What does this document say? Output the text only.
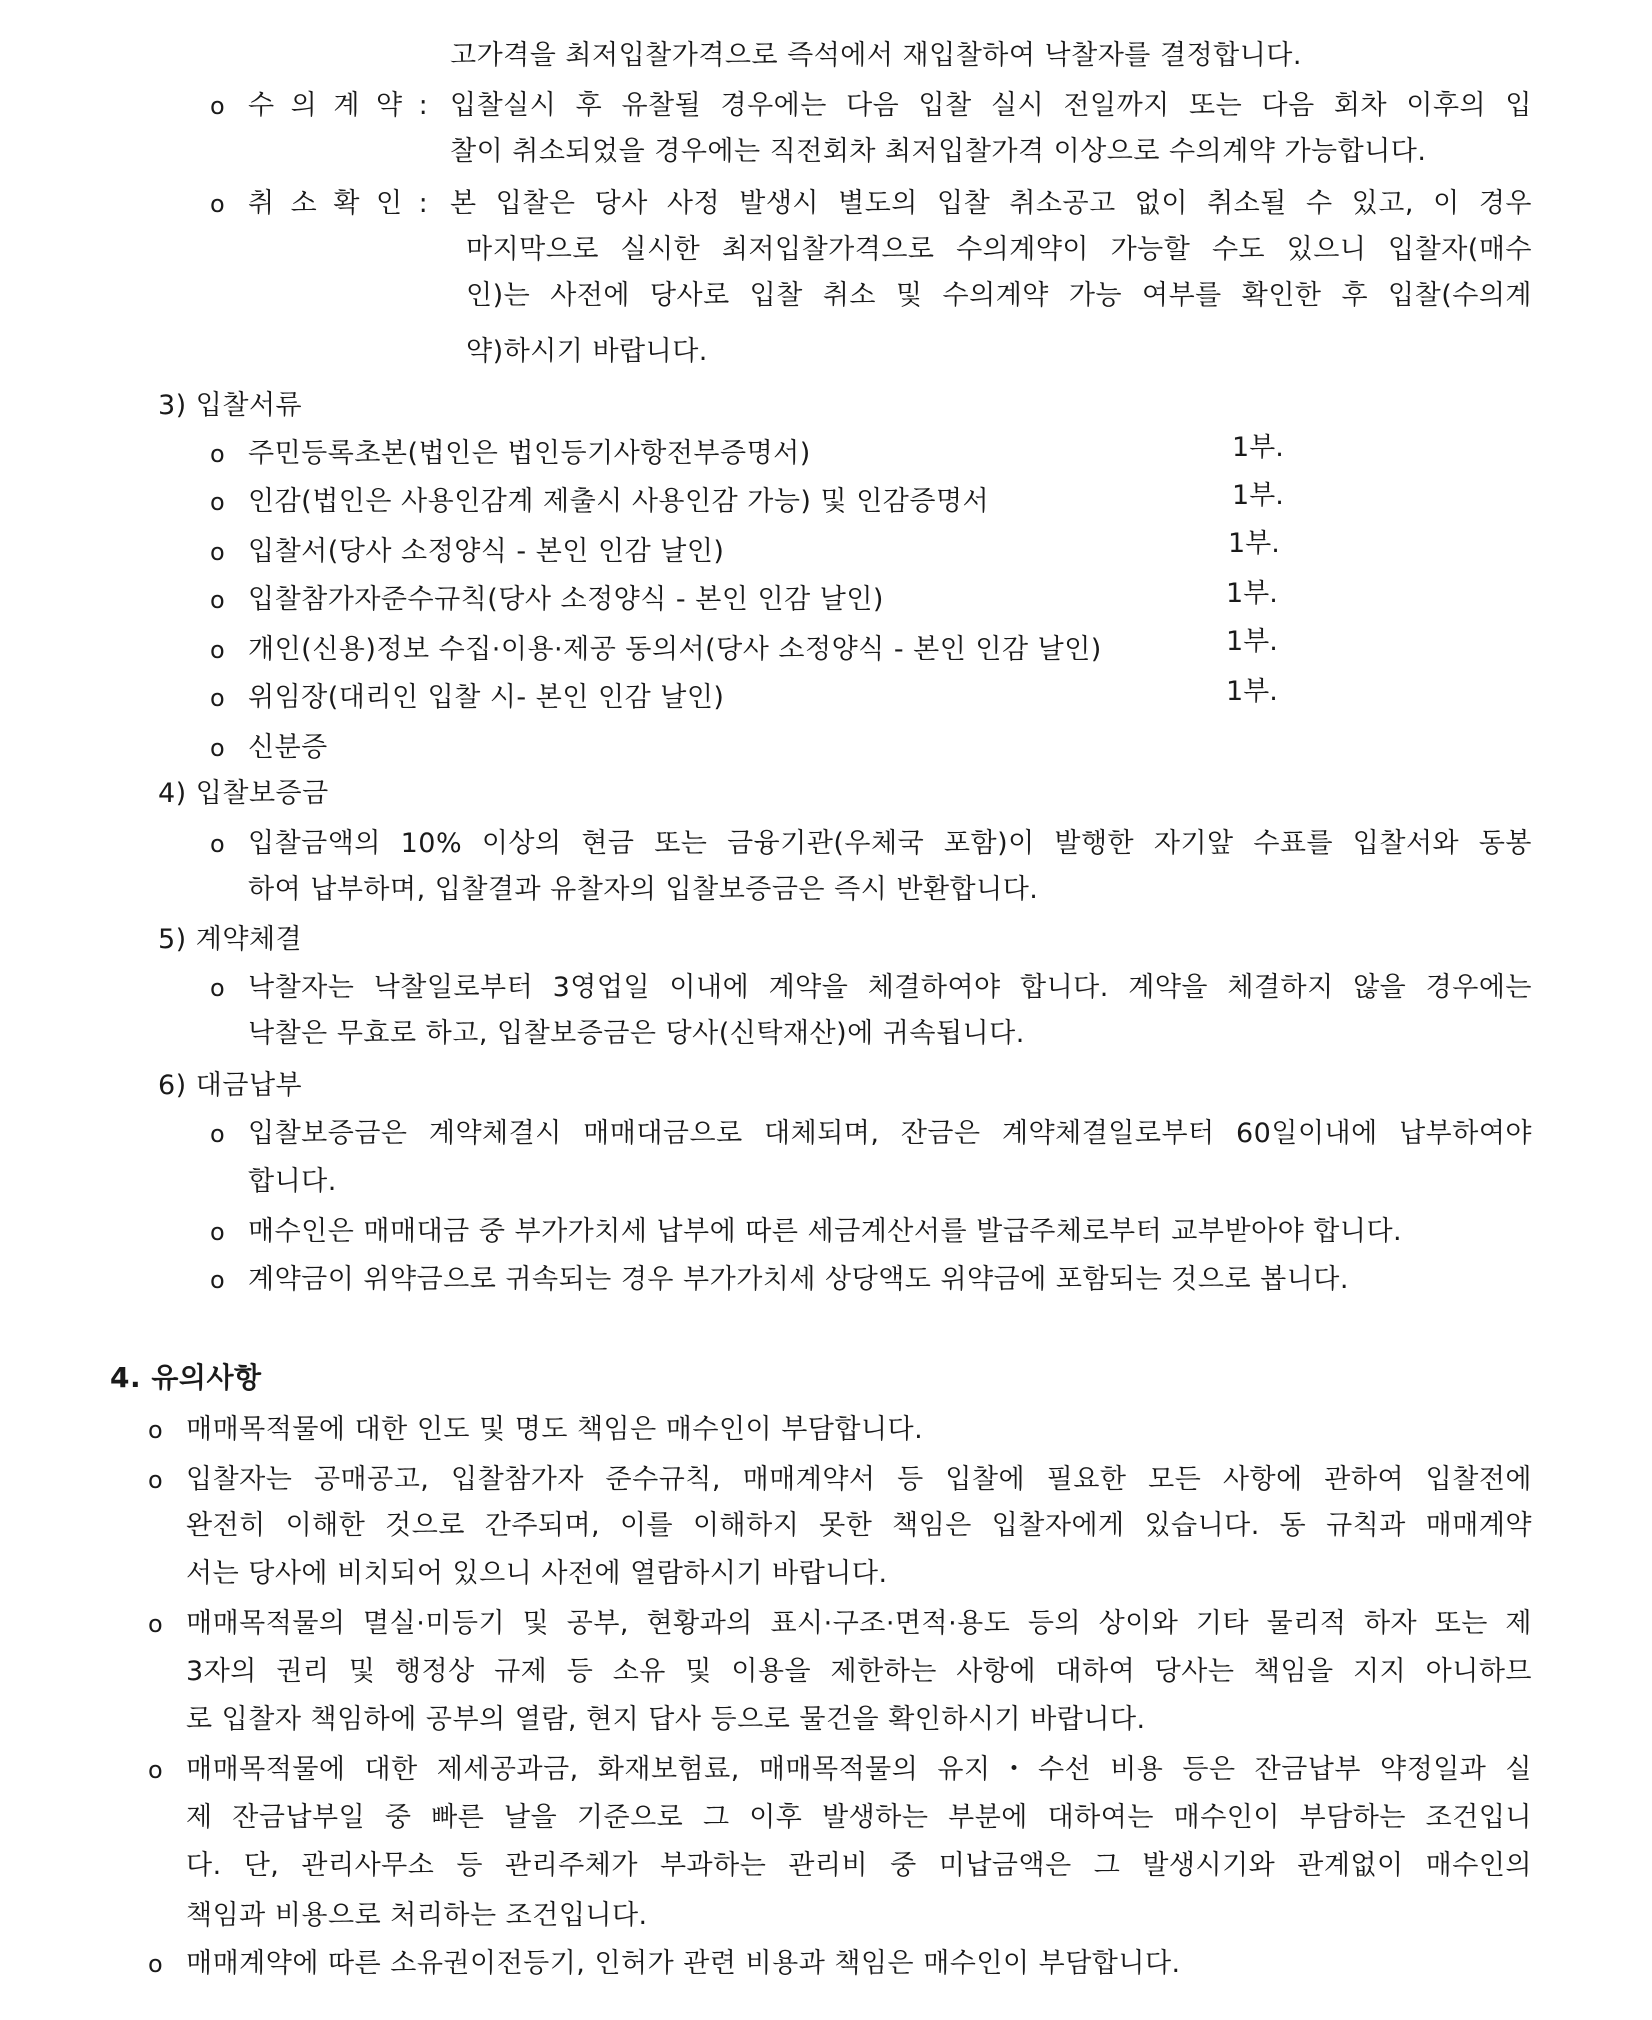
고가격을 최저입찰가격으로 즉석에서 재입찰하여 낙찰자를 결정합니다.
o 수 의 계 약 : 입찰실시 후 유찰될 경우에는 다음 입찰 실시 전일까지 또는 다음 회차 이후의 입
찰이 취소되었을 경우에는 직전회차 최저입찰가격 이상으로 수의계약 가능합니다.
o 취 소 확 인 : 본 입찰은 당사 사정 발생시 별도의 입찰 취소공고 없이 취소될 수 있고, 이 경우
마지막으로 실시한 최저입찰가격으로 수의계약이 가능할 수도 있으니 입찰자(매수
인)는 사전에 당사로 입찰 취소 및 수의계약 가능 여부를 확인한 후 입찰(수의계
약)하시기 바랍니다.
3) 입찰서류
o 주민등록초본(법인은 법인등기사항전부증명서)	1부.
o 인감(법인은 사용인감계 제출시 사용인감 가능) 및 인감증명서	1부.
o 입찰서(당사 소정양식 - 본인 인감 날인)	1부.
o 입찰참가자준수규칙(당사 소정양식 - 본인 인감 날인)	1부.
o 개인(신용)정보 수집·이용·제공 동의서(당사 소정양식 - 본인 인감 날인)	1부.
o 위임장(대리인 입찰 시- 본인 인감 날인)	1부.
o 신분증
4) 입찰보증금
o 입찰금액의 10% 이상의 현금 또는 금융기관(우체국 포함)이 발행한 자기앞 수표를 입찰서와 동봉
하여 납부하며, 입찰결과 유찰자의 입찰보증금은 즉시 반환합니다.
5) 계약체결
o 낙찰자는 낙찰일로부터 3영업일 이내에 계약을 체결하여야 합니다. 계약을 체결하지 않을 경우에는
낙찰은 무효로 하고, 입찰보증금은 당사(신탁재산)에 귀속됩니다.
6) 대금납부
o 입찰보증금은 계약체결시 매매대금으로 대체되며, 잔금은 계약체결일로부터 60일이내에 납부하여야
합니다.
o 매수인은 매매대금 중 부가가치세 납부에 따른 세금계산서를 발급주체로부터 교부받아야 합니다.
o 계약금이 위약금으로 귀속되는 경우 부가가치세 상당액도 위약금에 포함되는 것으로 봅니다.
4. 유의사항
o 매매목적물에 대한 인도 및 명도 책임은 매수인이 부담합니다.
o 입찰자는 공매공고, 입찰참가자 준수규칙, 매매계약서 등 입찰에 필요한 모든 사항에 관하여 입찰전에
완전히 이해한 것으로 간주되며, 이를 이해하지 못한 책임은 입찰자에게 있습니다. 동 규칙과 매매계약
서는 당사에 비치되어 있으니 사전에 열람하시기 바랍니다.
o 매매목적물의 멸실·미등기 및 공부, 현황과의 표시·구조·면적·용도 등의 상이와 기타 물리적 하자 또는 제
3자의 권리 및 행정상 규제 등 소유 및 이용을 제한하는 사항에 대하여 당사는 책임을 지지 아니하므
로 입찰자 책임하에 공부의 열람, 현지 답사 등으로 물건을 확인하시기 바랍니다.
o 매매목적물에 대한 제세공과금, 화재보험료, 매매목적물의 유지・수선 비용 등은 잔금납부 약정일과 실
제 잔금납부일 중 빠른 날을 기준으로 그 이후 발생하는 부분에 대하여는 매수인이 부담하는 조건입니
다. 단, 관리사무소 등 관리주체가 부과하는 관리비 중 미납금액은 그 발생시기와 관계없이 매수인의
책임과 비용으로 처리하는 조건입니다.
o 매매계약에 따른 소유권이전등기, 인허가 관련 비용과 책임은 매수인이 부담합니다.
